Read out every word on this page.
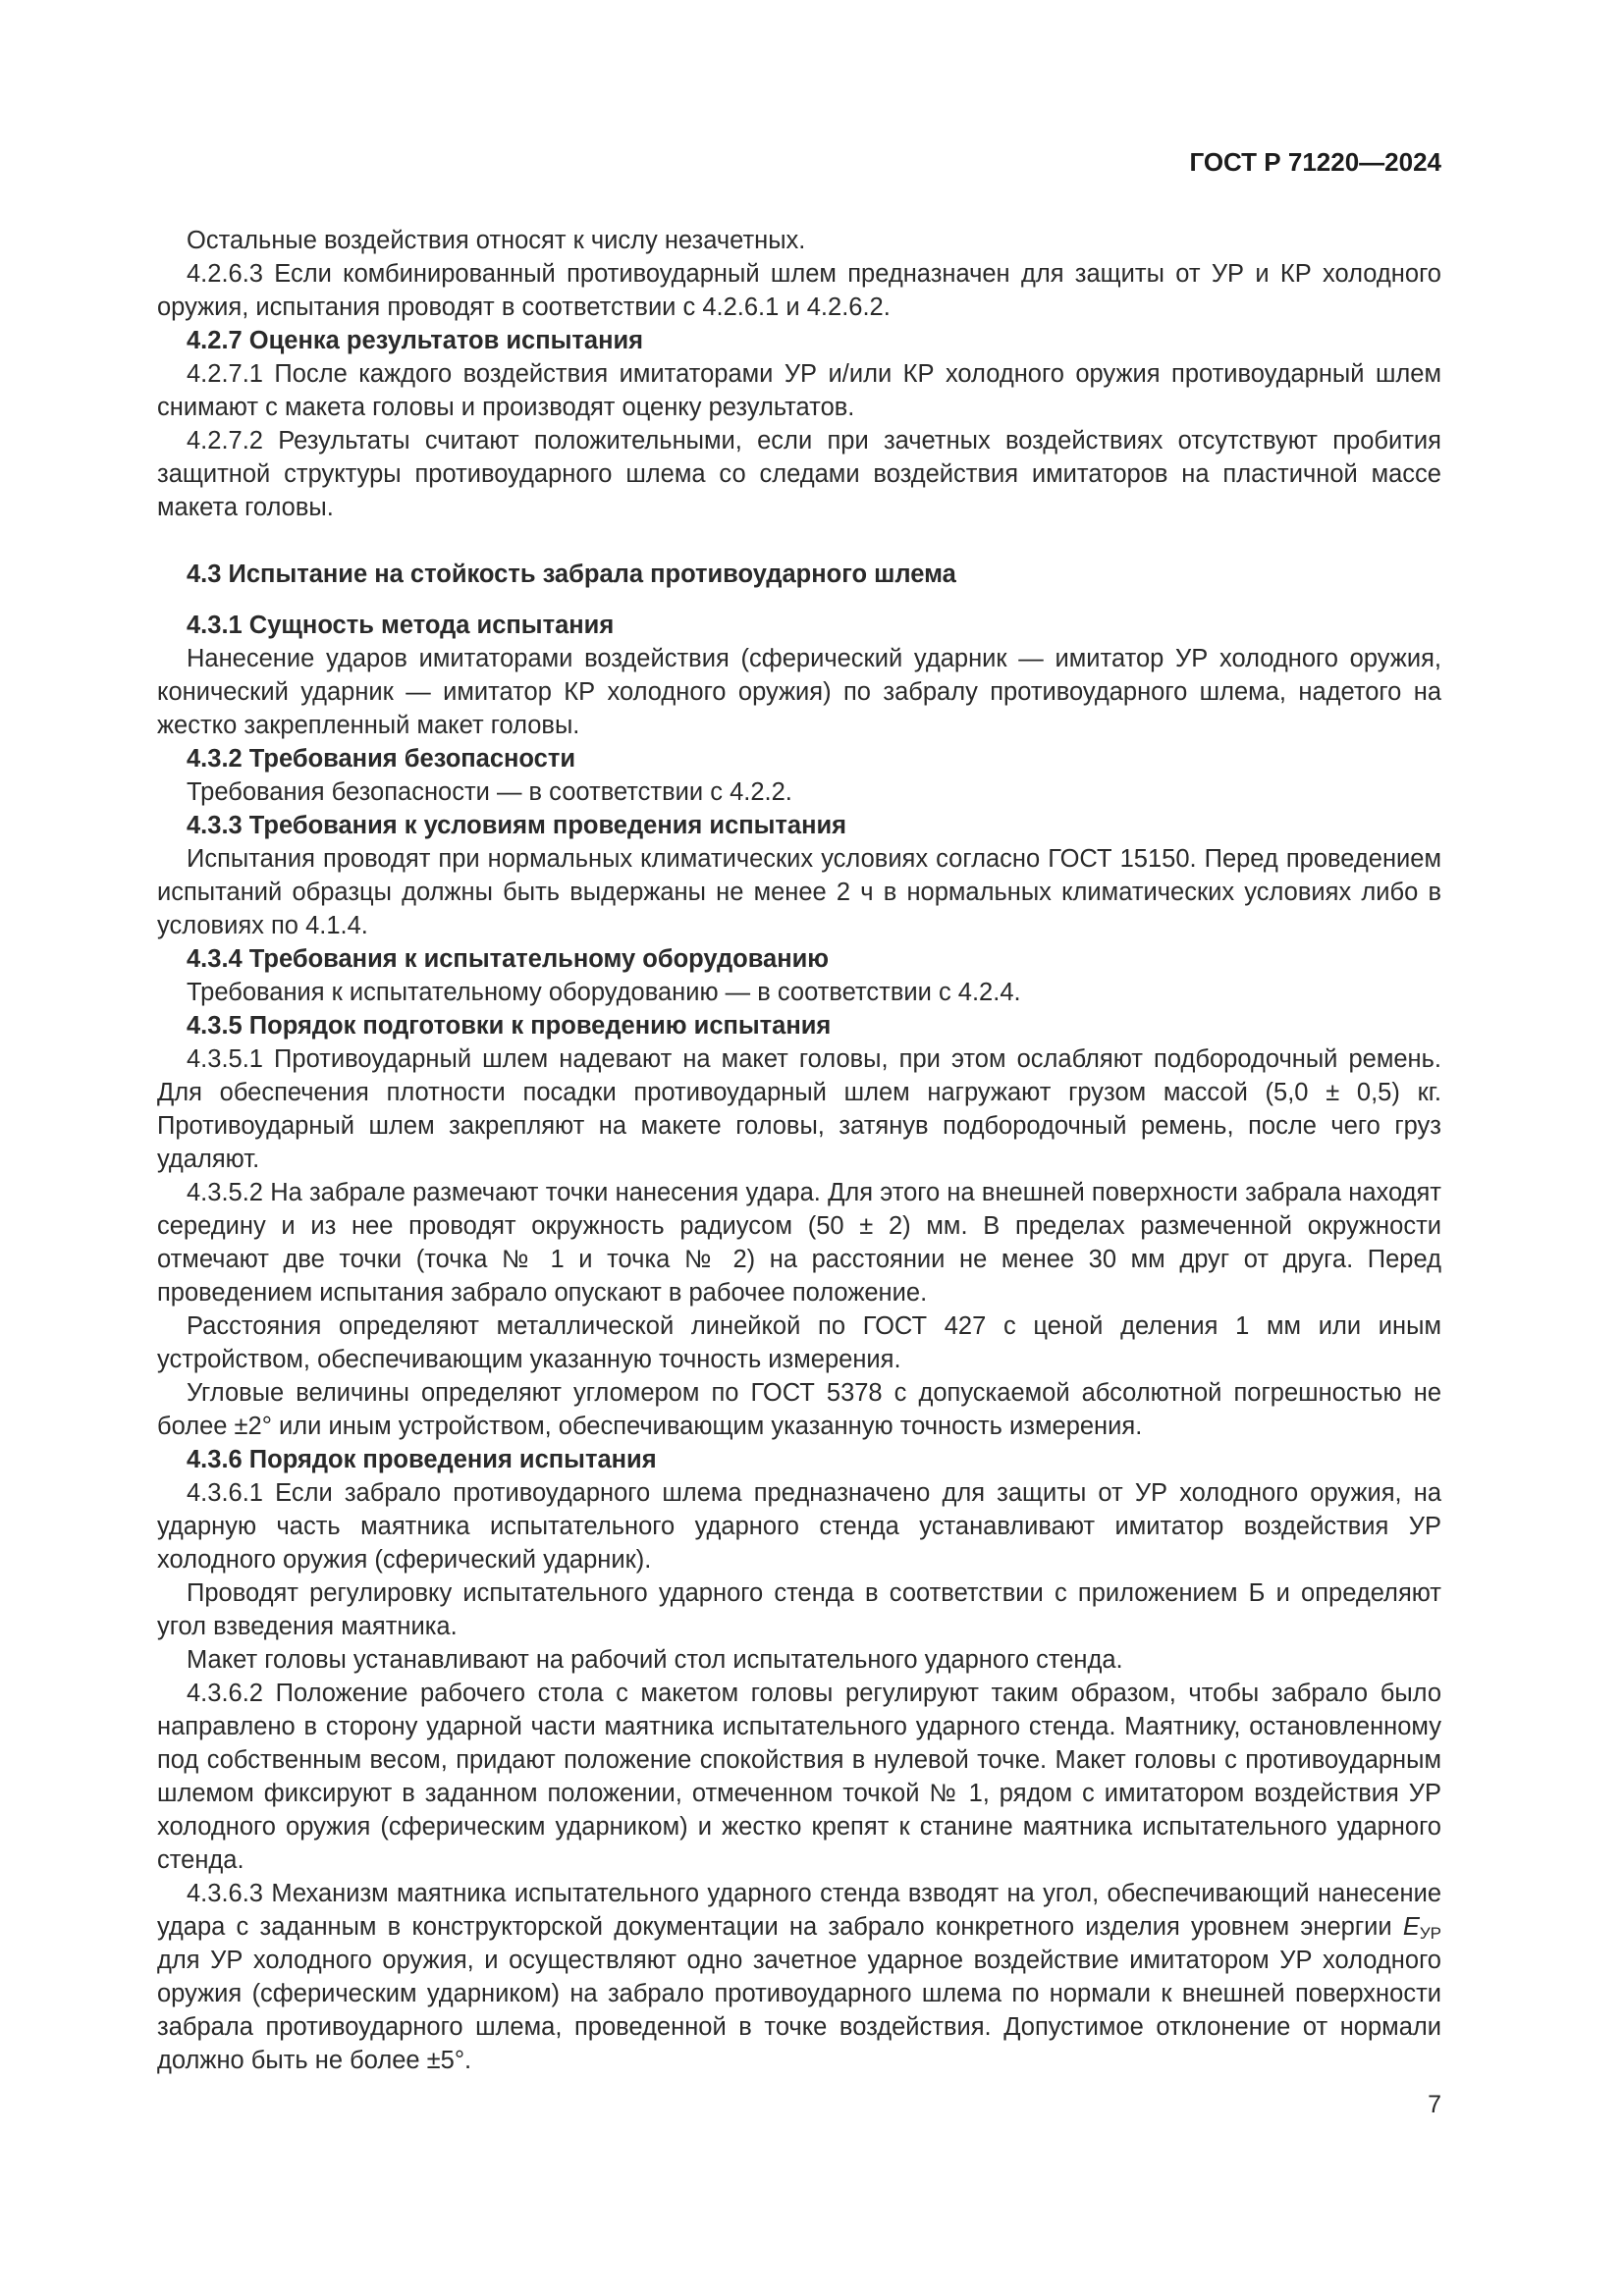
ГОСТ Р 71220—2024

Остальные воздействия относят к числу незачетных.

4.2.6.3 Если комбинированный противоударный шлем предназначен для защиты от УР и КР холодного оружия, испытания проводят в соответствии с 4.2.6.1 и 4.2.6.2.

4.2.7 Оценка результатов испытания

4.2.7.1 После каждого воздействия имитаторами УР и/или КР холодного оружия противоударный шлем снимают с макета головы и производят оценку результатов.

4.2.7.2 Результаты считают положительными, если при зачетных воздействиях отсутствуют пробития защитной структуры противоударного шлема со следами воздействия имитаторов на пластичной массе макета головы.

4.3 Испытание на стойкость забрала противоударного шлема

4.3.1 Сущность метода испытания

Нанесение ударов имитаторами воздействия (сферический ударник — имитатор УР холодного оружия, конический ударник — имитатор КР холодного оружия) по забралу противоударного шлема, надетого на жестко закрепленный макет головы.

4.3.2 Требования безопасности

Требования безопасности — в соответствии с 4.2.2.

4.3.3 Требования к условиям проведения испытания

Испытания проводят при нормальных климатических условиях согласно ГОСТ 15150. Перед проведением испытаний образцы должны быть выдержаны не менее 2 ч в нормальных климатических условиях либо в условиях по 4.1.4.

4.3.4 Требования к испытательному оборудованию

Требования к испытательному оборудованию — в соответствии с 4.2.4.

4.3.5 Порядок подготовки к проведению испытания

4.3.5.1 Противоударный шлем надевают на макет головы, при этом ослабляют подбородочный ремень. Для обеспечения плотности посадки противоударный шлем нагружают грузом массой (5,0 ± 0,5) кг. Противоударный шлем закрепляют на макете головы, затянув подбородочный ремень, после чего груз удаляют.

4.3.5.2 На забрале размечают точки нанесения удара. Для этого на внешней поверхности забрала находят середину и из нее проводят окружность радиусом (50 ± 2) мм. В пределах размеченной окружности отмечают две точки (точка № 1 и точка № 2) на расстоянии не менее 30 мм друг от друга. Перед проведением испытания забрало опускают в рабочее положение.

Расстояния определяют металлической линейкой по ГОСТ 427 с ценой деления 1 мм или иным устройством, обеспечивающим указанную точность измерения.

Угловые величины определяют угломером по ГОСТ 5378 с допускаемой абсолютной погрешностью не более ±2° или иным устройством, обеспечивающим указанную точность измерения.

4.3.6 Порядок проведения испытания

4.3.6.1 Если забрало противоударного шлема предназначено для защиты от УР холодного оружия, на ударную часть маятника испытательного ударного стенда устанавливают имитатор воздействия УР холодного оружия (сферический ударник).

Проводят регулировку испытательного ударного стенда в соответствии с приложением Б и определяют угол взведения маятника.

Макет головы устанавливают на рабочий стол испытательного ударного стенда.

4.3.6.2 Положение рабочего стола с макетом головы регулируют таким образом, чтобы забрало было направлено в сторону ударной части маятника испытательного ударного стенда. Маятнику, остановленному под собственным весом, придают положение спокойствия в нулевой точке. Макет головы с противоударным шлемом фиксируют в заданном положении, отмеченном точкой № 1, рядом с имитатором воздействия УР холодного оружия (сферическим ударником) и жестко крепят к станине маятника испытательного ударного стенда.

4.3.6.3 Механизм маятника испытательного ударного стенда взводят на угол, обеспечивающий нанесение удара с заданным в конструкторской документации на забрало конкретного изделия уровнем энергии $E_{УР}$ для УР холодного оружия, и осуществляют одно зачетное ударное воздействие имитатором УР холодного оружия (сферическим ударником) на забрало противоударного шлема по нормали к внешней поверхности забрала противоударного шлема, проведенной в точке воздействия. Допустимое отклонение от нормали должно быть не более ±5°.

7
